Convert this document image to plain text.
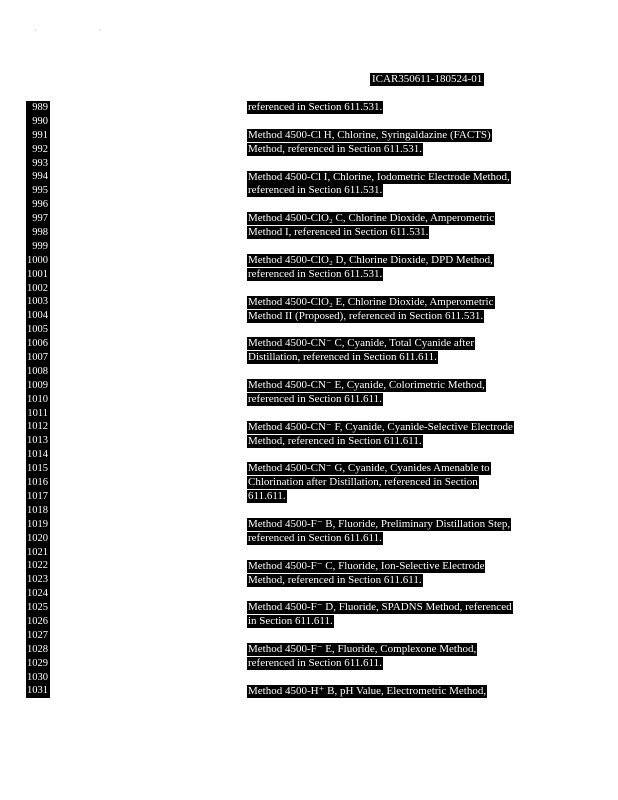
· ·
ICAR350611-180524-01
989
990
991
992
993
994
995
996
997
998
999
1000
1001
1002
1003
1004
1005
1006
1007
1008
1009
1010
1011
1012
1013
1014
1015
1016
1017
1018
1019
1020
1021
1022
1023
1024
1025
1026
1027
1028
1029
1030
1031
referenced in Section 611.531.
Method 4500-Cl H, Chlorine, Syringaldazine (FACTS)
Method, referenced in Section 611.531.
Method 4500-Cl I, Chlorine, Iodometric Electrode Method,
referenced in Section 611.531.
Method 4500-ClO₂ C, Chlorine Dioxide, Amperometric
Method I, referenced in Section 611.531.
Method 4500-ClO₂ D, Chlorine Dioxide, DPD Method,
referenced in Section 611.531.
Method 4500-ClO₂ E, Chlorine Dioxide, Amperometric
Method II (Proposed), referenced in Section 611.531.
Method 4500-CN⁻ C, Cyanide, Total Cyanide after
Distillation, referenced in Section 611.611.
Method 4500-CN⁻ E, Cyanide, Colorimetric Method,
referenced in Section 611.611.
Method 4500-CN⁻ F, Cyanide, Cyanide-Selective Electrode
Method, referenced in Section 611.611.
Method 4500-CN⁻ G, Cyanide, Cyanides Amenable to
Chlorination after Distillation, referenced in Section
611.611.
Method 4500-F⁻ B, Fluoride, Preliminary Distillation Step,
referenced in Section 611.611.
Method 4500-F⁻ C, Fluoride, Ion-Selective Electrode
Method, referenced in Section 611.611.
Method 4500-F⁻ D, Fluoride, SPADNS Method, referenced
in Section 611.611.
Method 4500-F⁻ E, Fluoride, Complexone Method,
referenced in Section 611.611.
Method 4500-H⁺ B, pH Value, Electrometric Method,
